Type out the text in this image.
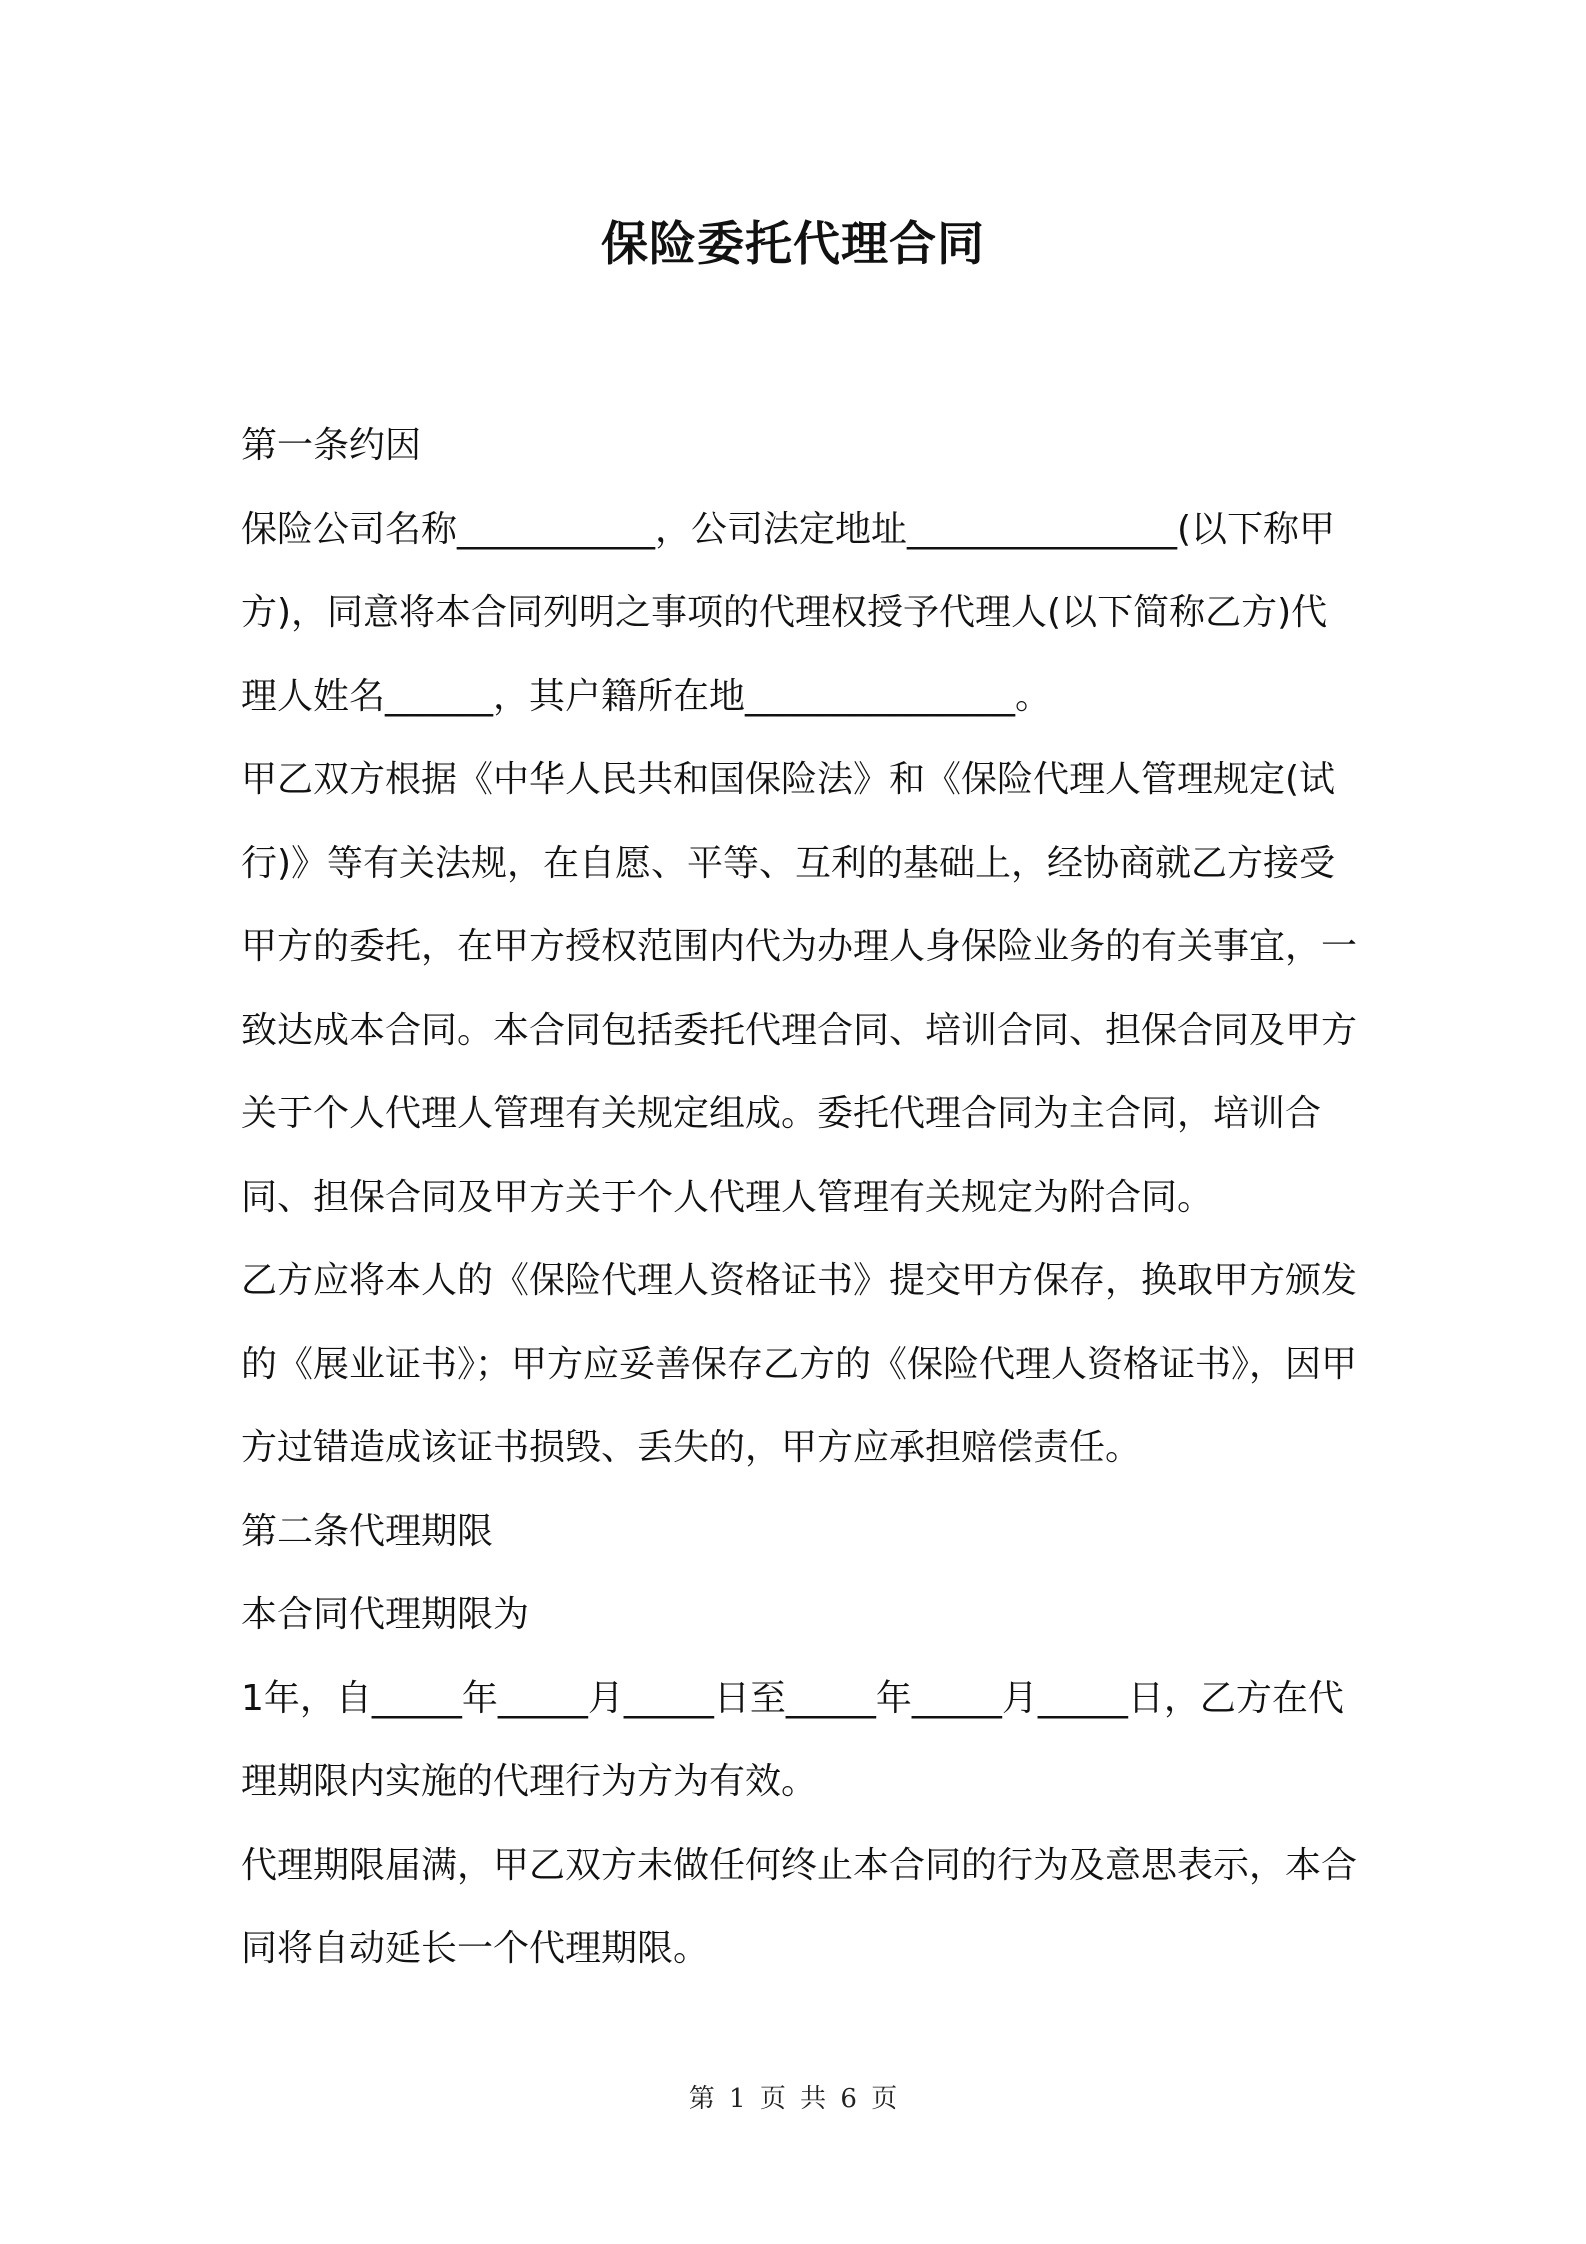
保险委托代理合同

第一条约因

保险公司名称___________，公司法定地址_______________(以下称甲方)，同意将本合同列明之事项的代理权授予代理人(以下简称乙方)代理人姓名______，其户籍所在地_______________。

甲乙双方根据《中华人民共和国保险法》和《保险代理人管理规定(试行)》等有关法规，在自愿、平等、互利的基础上，经协商就乙方接受甲方的委托，在甲方授权范围内代为办理人身保险业务的有关事宜，一致达成本合同。本合同包括委托代理合同、培训合同、担保合同及甲方关于个人代理人管理有关规定组成。委托代理合同为主合同，培训合同、担保合同及甲方关于个人代理人管理有关规定为附合同。

乙方应将本人的《保险代理人资格证书》提交甲方保存，换取甲方颁发的《展业证书》；甲方应妥善保存乙方的《保险代理人资格证书》，因甲方过错造成该证书损毁、丢失的，甲方应承担赔偿责任。

第二条代理期限

本合同代理期限为

1年，自_____年_____月_____日至_____年_____月_____日，乙方在代理期限内实施的代理行为方为有效。

代理期限届满，甲乙双方未做任何终止本合同的行为及意思表示，本合同将自动延长一个代理期限。

第 1 页 共 6 页
